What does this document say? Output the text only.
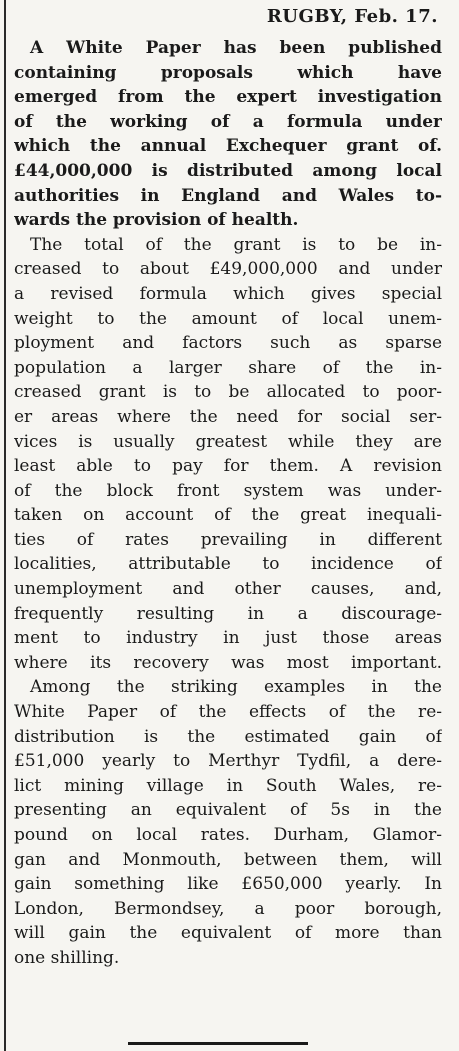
RUGBY, Feb. 17.

A White Paper has been published
containing proposals which have
emerged from the expert investigation
of the working of a formula under
which the annual Exchequer grant of.
£44,000,000 is distributed among local
authorities in England and Wales to-
wards the provision of health.

The total of the grant is to be in-
creased to about £49,000,000 and under
a revised formula which gives special
weight to the amount of local unem-
ployment and factors such as sparse
population a larger share of the in-
creased grant is to be allocated to poor-
er areas where the need for social ser-
vices is usually greatest while they are
least able to pay for them. A revision
of the block front system was under-
taken on account of the great inequali-
ties of rates prevailing in different
localities, attributable to incidence of
unemployment and other causes, and,
frequently resulting in a discourage-
ment to industry in just those areas
where its recovery was most important.

Among the striking examples in the
White Paper of the effects of the re-
distribution is the estimated gain of
£51,000 yearly to Merthyr Tydfil, a dere-
lict mining village in South Wales, re-
presenting an equivalent of 5s in the
pound on local rates. Durham, Glamor-
gan and Monmouth, between them, will
gain something like £650,000 yearly. In
London, Bermondsey, a poor borough,
will gain the equivalent of more than
one shilling.
